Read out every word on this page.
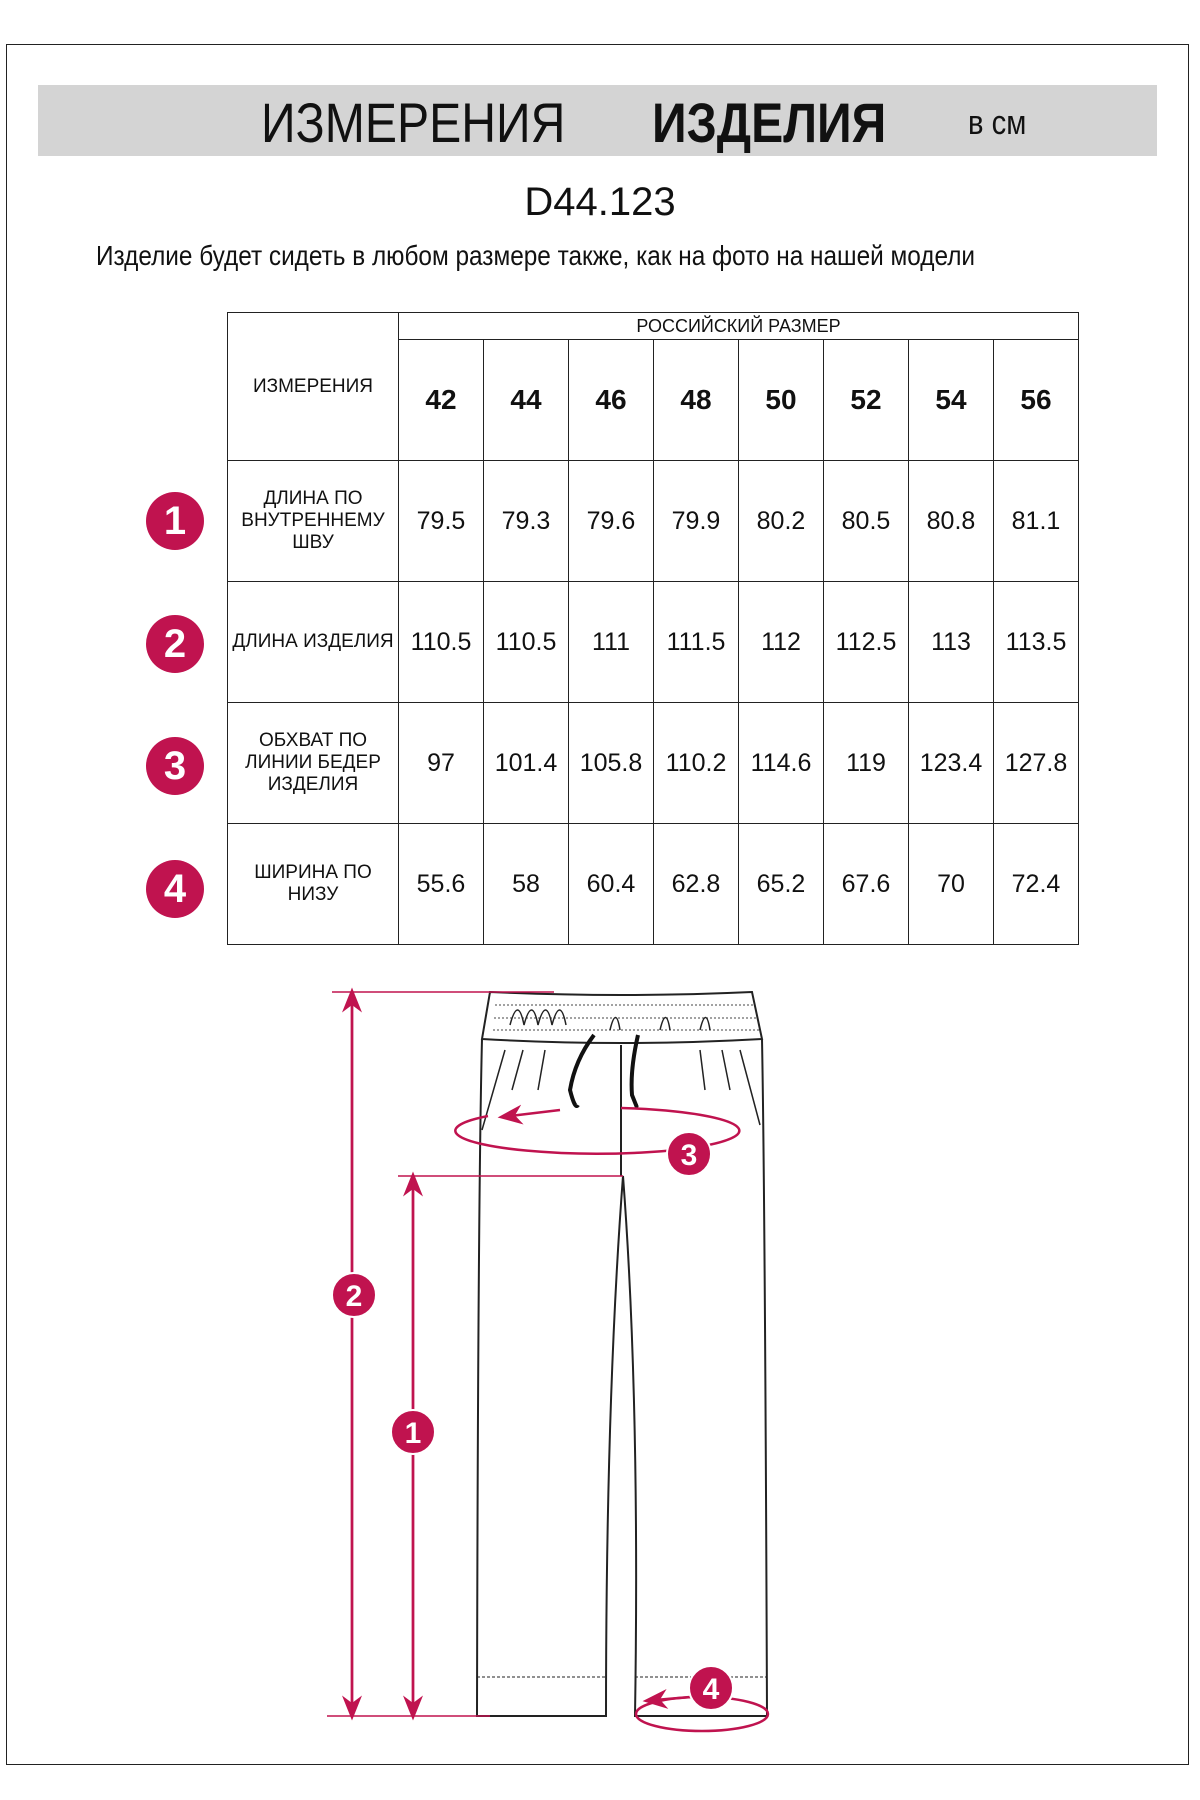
ИЗМЕРЕНИЯ ИЗДЕЛИЯ в см
D44.123
Изделие будет сидеть в любом размере также, как на фото на нашей модели
ИЗМЕРЕНИЯ	РОССИЙСКИЙ РАЗМЕР							
	42	44	46	48	50	52	54	56
ДЛИНА ПО ВНУТРЕННЕМУ ШВУ	79.5	79.3	79.6	79.9	80.2	80.5	80.8	81.1
ДЛИНА ИЗДЕЛИЯ	110.5	110.5	111	111.5	112	112.5	113	113.5
ОБХВАТ ПО ЛИНИИ БЕДЕР ИЗДЕЛИЯ	97	101.4	105.8	110.2	114.6	119	123.4	127.8
ШИРИНА ПО НИЗУ	55.6	58	60.4	62.8	65.2	67.6	70	72.4
1
2
3
4
1
2
3
4
